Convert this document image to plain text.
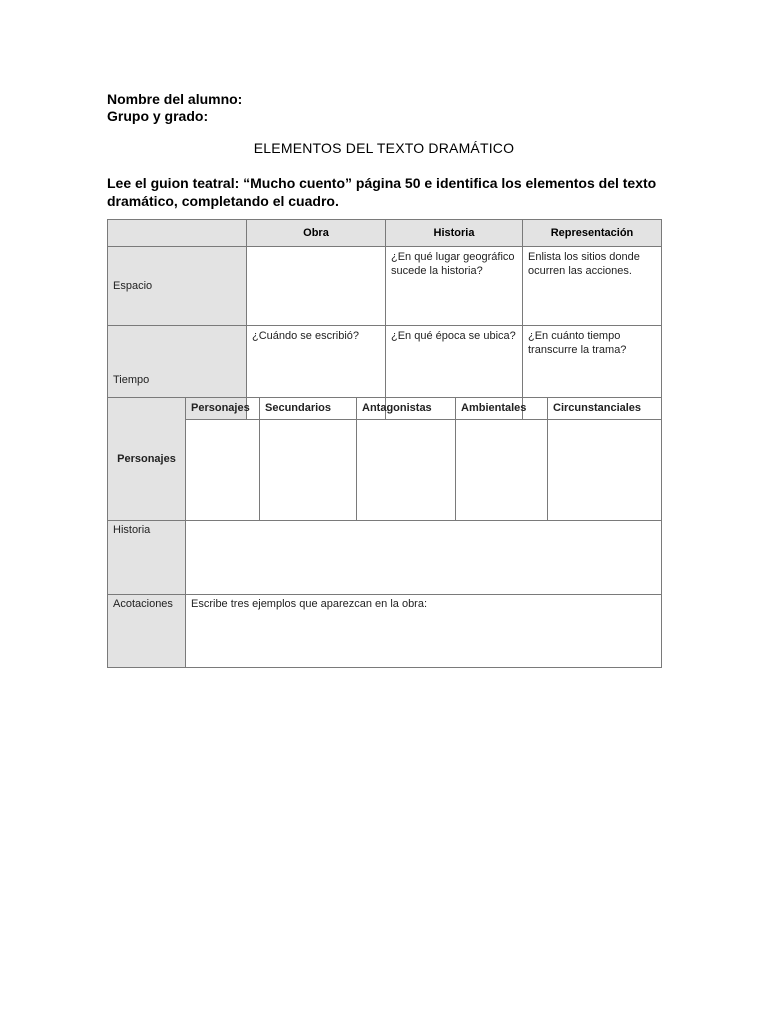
Nombre del alumno:
Grupo y grado:
ELEMENTOS DEL TEXTO DRAMÁTICO
Lee el guion teatral: “Mucho cuento” página 50 e identifica los elementos del texto dramático, completando el cuadro.
	Obra	Historia	Representación
Espacio		¿En qué lugar geográfico sucede la historia?	Enlista los sitios donde ocurren las acciones.
Tiempo	¿Cuándo se escribió?	¿En qué época se ubica?	¿En cuánto tiempo transcurre la trama?
Personajes	Personajes	Secundarios	Antagonistas	Ambientales	Circunstanciales
Historia					
Acotaciones	Escribe tres ejemplos que aparezcan en la obra:				
